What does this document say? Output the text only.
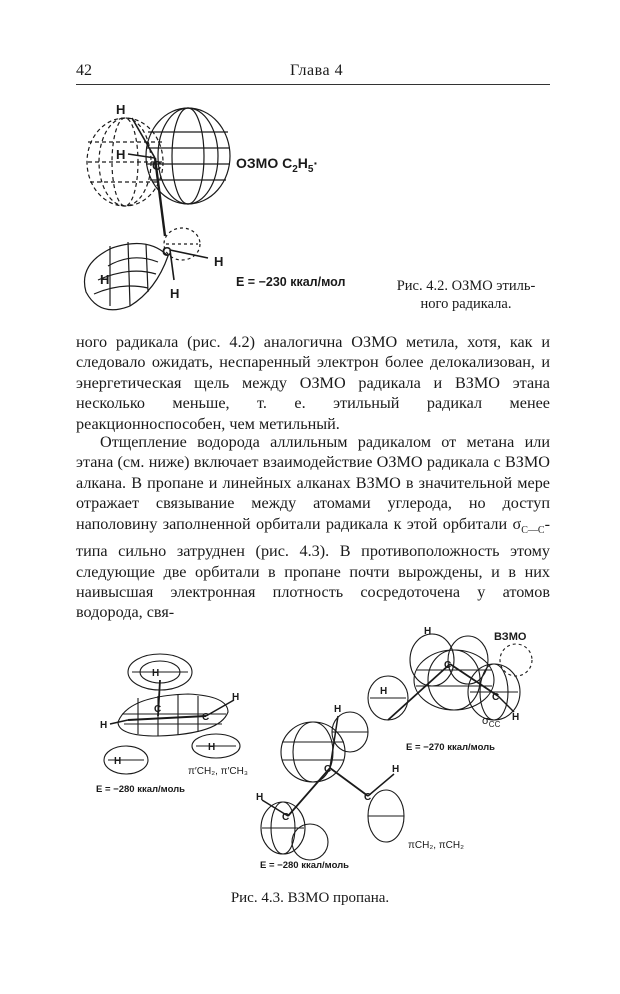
42	Глава 4
H
H
C
C
H
H
H
ОЗМО $C_2H_5\cdot$
E = −230 ккал/мол	Рис. 4.2. ОЗМО этиль-
ного радикала.

ного радикала (рис. 4.2) аналогична ОЗМО метила, хотя, как и следовало ожидать, неспаренный электрон более делокализован, и энергетическая щель между ОЗМО радикала и ВЗМО этана несколько меньше, т. е. этильный радикал менее реакционноспособен, чем метильный.

Отщепление водорода аллильным радикалом от метана или этана (см. ниже) включает взаимодействие ОЗМО радикала с ВЗМО алкана. В пропане и линейных алканах ВЗМО в значительной мере отражает связывание между атомами углерода, но доступ наполовину заполненной орбитали радикала к этой орбитали $\sigma_{C—C}$-типа сильно затруднен (рис. 4.3). В противоположность этому следующие две орбитали в пропане почти вырождены, и в них наивысшая электронная плотность сосредоточена у атомов водорода, свя-

H
C
C
H
H
H
H
π′CH₂, π′CH₃
E = −280 ккал/моль
C
H
C
C
H
H
πCH₂, πCH₂
E = −280 ккал/моль
ВЗМО
C
C
H
H
H
$\sigma_{CC}$
E = −270 ккал/моль
Рис. 4.3. ВЗМО пропана.
